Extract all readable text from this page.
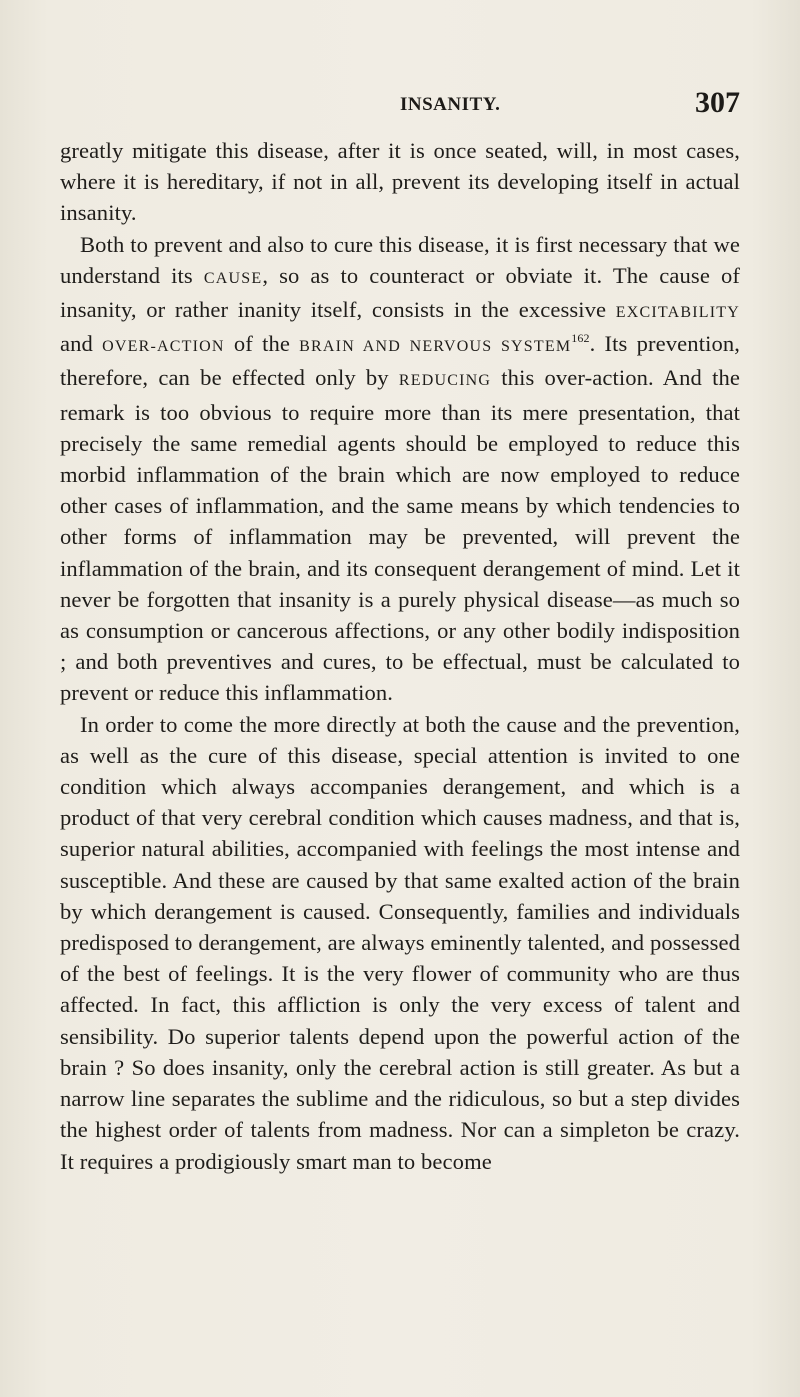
INSANITY.	307

greatly mitigate this disease, after it is once seated, will, in most cases, where it is hereditary, if not in all, prevent its developing itself in actual insanity.

Both to prevent and also to cure this disease, it is first necessary that we understand its CAUSE, so as to counteract or obviate it. The cause of insanity, or rather inanity itself, consists in the excessive EXCITABILITY and OVER-ACTION of the BRAIN AND NERVOUS SYSTEM$^{162}$. Its prevention, therefore, can be effected only by REDUCING this over-action. And the remark is too obvious to require more than its mere presentation, that precisely the same remedial agents should be employed to reduce this morbid inflammation of the brain which are now employed to reduce other cases of inflammation, and the same means by which tendencies to other forms of inflammation may be prevented, will prevent the inflammation of the brain, and its consequent derangement of mind. Let it never be forgotten that insanity is a purely physical disease—as much so as consumption or cancerous affections, or any other bodily indisposition ; and both preventives and cures, to be effectual, must be calculated to prevent or reduce this inflammation.

In order to come the more directly at both the cause and the prevention, as well as the cure of this disease, special attention is invited to one condition which always accompanies derangement, and which is a product of that very cerebral condition which causes madness, and that is, superior natural abilities, accompanied with feelings the most intense and susceptible. And these are caused by that same exalted action of the brain by which derangement is caused. Consequently, families and individuals predisposed to derangement, are always eminently talented, and possessed of the best of feelings. It is the very flower of community who are thus affected. In fact, this affliction is only the very excess of talent and sensibility. Do superior talents depend upon the powerful action of the brain ? So does insanity, only the cerebral action is still greater. As but a narrow line separates the sublime and the ridiculous, so but a step divides the highest order of talents from madness. Nor can a simpleton be crazy. It requires a prodigiously smart man to become
